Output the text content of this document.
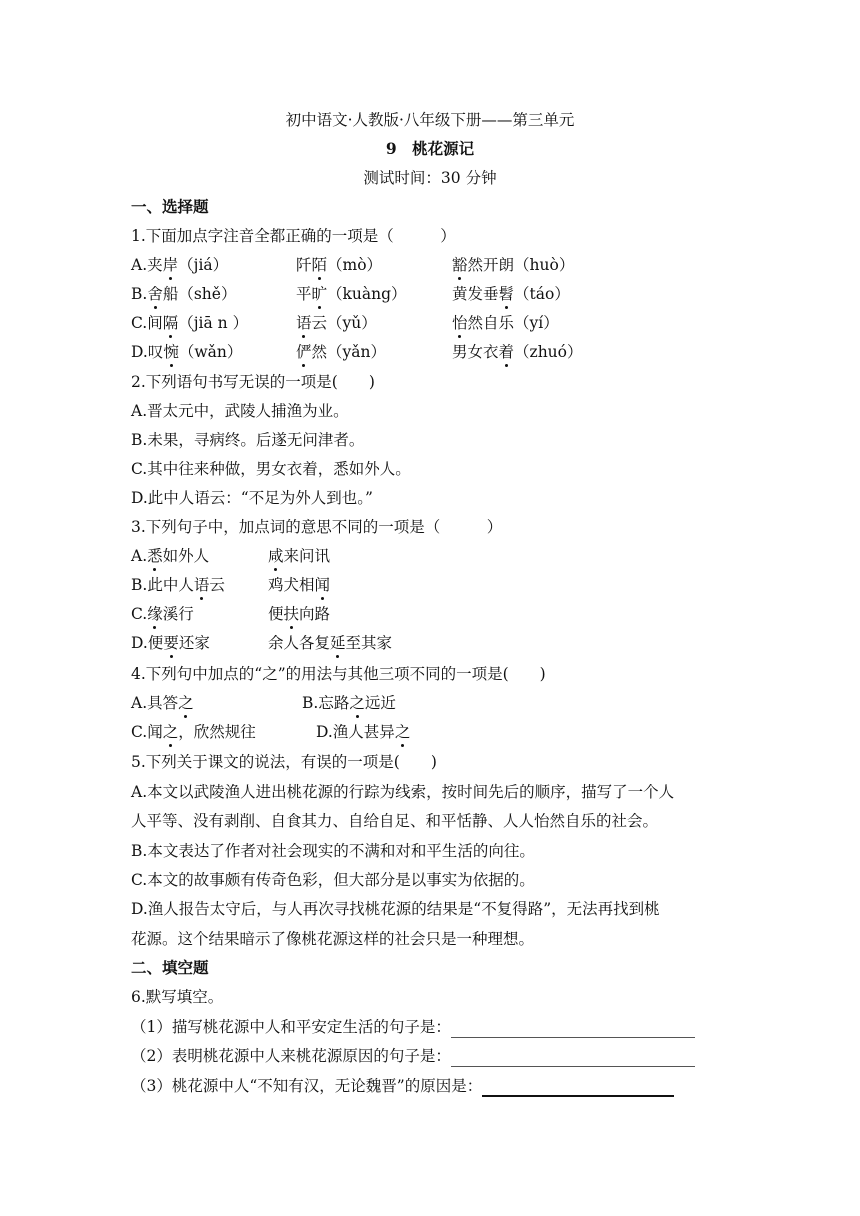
初中语文·人教版·八年级下册——第三单元
9　桃花源记
测试时间：30 分钟
一、选择题
1.下面加点字注音全都正确的一项是（　　　）
A.夹岸（jiá）	阡陌（mò）	豁然开朗（huò）
B.舍船（shě）	平旷（kuàng）	黄发垂髫（táo）
C.间隔（jiā n ）	语云（yǔ）	怡然自乐（yí）
D.叹惋（wǎn）	俨然（yǎn）	男女衣着（zhuó）
2.下列语句书写无误的一项是(　　)
A.晋太元中，武陵人捕渔为业。
B.未果，寻病终。后遂无问津者。
C.其中往来种做，男女衣着，悉如外人。
D.此中人语云：“不足为外人到也。”
3.下列句子中，加点词的意思不同的一项是（　　　）
A.悉如外人	咸来问讯
B.此中人语云	鸡犬相闻
C.缘溪行	便扶向路
D.便要还家	余人各复延至其家
4.下列句中加点的“之”的用法与其他三项不同的一项是(　　)
A.具答之	B.忘路之远近
C.闻之，欣然规往	D.渔人甚异之
5.下列关于课文的说法，有误的一项是(　　)
A.本文以武陵渔人进出桃花源的行踪为线索，按时间先后的顺序，描写了一个人
人平等、没有剥削、自食其力、自给自足、和平恬静、人人怡然自乐的社会。
B.本文表达了作者对社会现实的不满和对和平生活的向往。
C.本文的故事颇有传奇色彩，但大部分是以事实为依据的。
D.渔人报告太守后，与人再次寻找桃花源的结果是“不复得路”，无法再找到桃
花源。这个结果暗示了像桃花源这样的社会只是一种理想。
二、填空题
6.默写填空。
（1）描写桃花源中人和平安定生活的句子是：
（2）表明桃花源中人来桃花源原因的句子是：
（3）桃花源中人“不知有汉，无论魏晋”的原因是：
